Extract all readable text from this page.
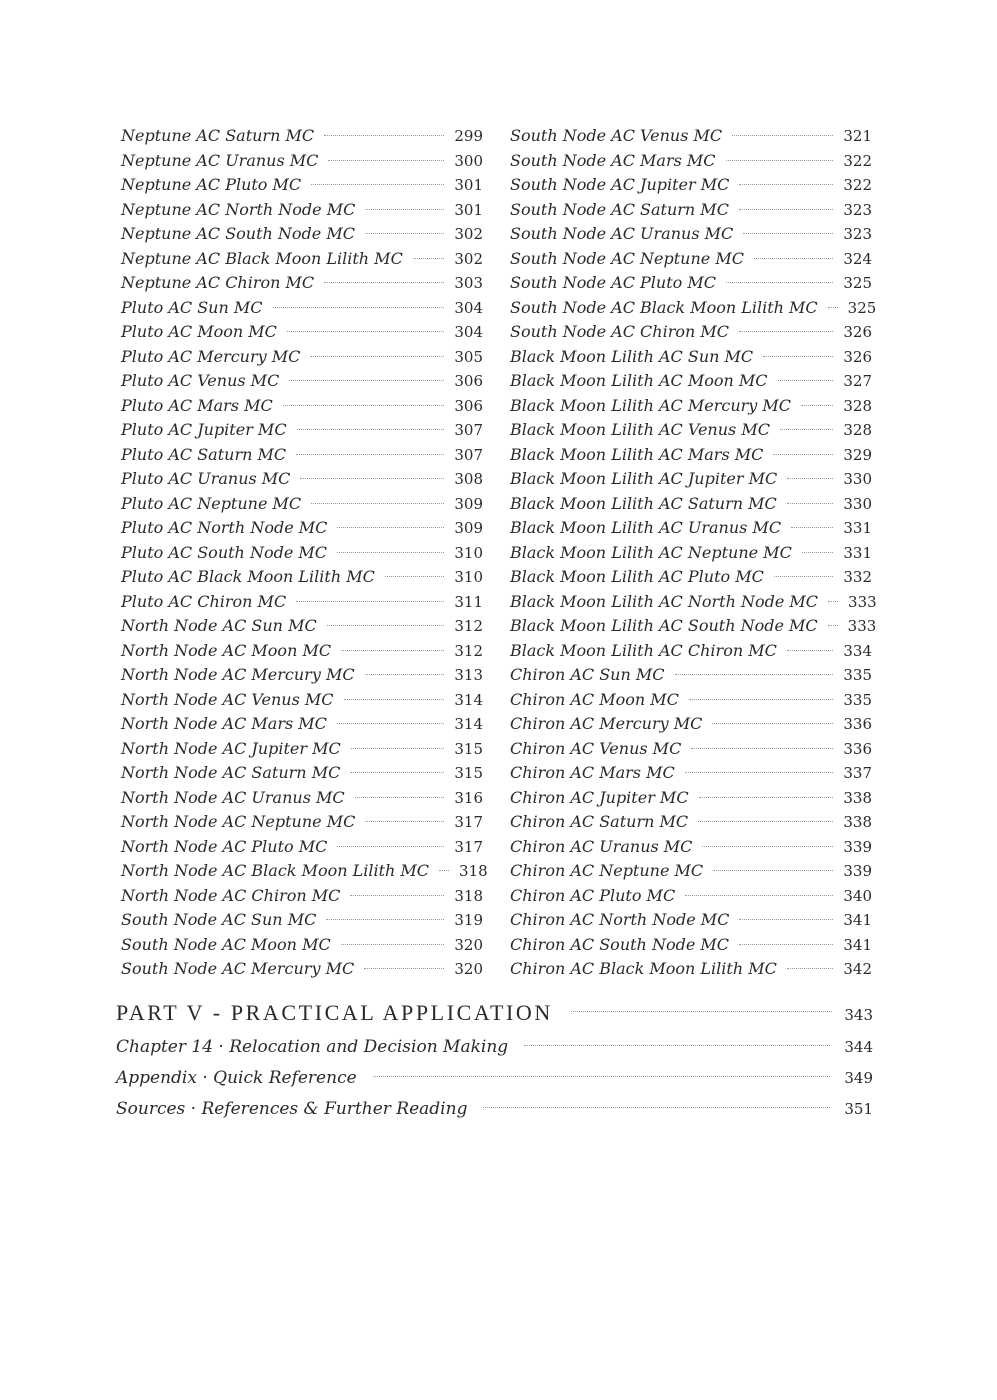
Neptune AC Saturn MC	299
Neptune AC Uranus MC	300
Neptune AC Pluto MC	301
Neptune AC North Node MC	301
Neptune AC South Node MC	302
Neptune AC Black Moon Lilith MC	302
Neptune AC Chiron MC	303
Pluto AC Sun MC	304
Pluto AC Moon MC	304
Pluto AC Mercury MC	305
Pluto AC Venus MC	306
Pluto AC Mars MC	306
Pluto AC Jupiter MC	307
Pluto AC Saturn MC	307
Pluto AC Uranus MC	308
Pluto AC Neptune MC	309
Pluto AC North Node MC	309
Pluto AC South Node MC	310
Pluto AC Black Moon Lilith MC	310
Pluto AC Chiron MC	311
North Node AC Sun MC	312
North Node AC Moon MC	312
North Node AC Mercury MC	313
North Node AC Venus MC	314
North Node AC Mars MC	314
North Node AC Jupiter MC	315
North Node AC Saturn MC	315
North Node AC Uranus MC	316
North Node AC Neptune MC	317
North Node AC Pluto MC	317
North Node AC Black Moon Lilith MC 318
North Node AC Chiron MC	318
South Node AC Sun MC	319
South Node AC Moon MC	320
South Node AC Mercury MC	320
South Node AC Venus MC	321
South Node AC Mars MC	322
South Node AC Jupiter MC	322
South Node AC Saturn MC	323
South Node AC Uranus MC	323
South Node AC Neptune MC	324
South Node AC Pluto MC	325
South Node AC Black Moon Lilith MC 325
South Node AC Chiron MC	326
Black Moon Lilith AC Sun MC	326
Black Moon Lilith AC Moon MC	327
Black Moon Lilith AC Mercury MC	328
Black Moon Lilith AC Venus MC	328
Black Moon Lilith AC Mars MC	329
Black Moon Lilith AC Jupiter MC	330
Black Moon Lilith AC Saturn MC	330
Black Moon Lilith AC Uranus MC	331
Black Moon Lilith AC Neptune MC	331
Black Moon Lilith AC Pluto MC	332
Black Moon Lilith AC North Node MC 333
Black Moon Lilith AC South Node MC 333
Black Moon Lilith AC Chiron MC	334
Chiron AC Sun MC	335
Chiron AC Moon MC	335
Chiron AC Mercury MC	336
Chiron AC Venus MC	336
Chiron AC Mars MC	337
Chiron AC Jupiter MC	338
Chiron AC Saturn MC	338
Chiron AC Uranus MC	339
Chiron AC Neptune MC	339
Chiron AC Pluto MC	340
Chiron AC North Node MC	341
Chiron AC South Node MC	341
Chiron AC Black Moon Lilith MC	342
PART V - PRACTICAL APPLICATION	343
Chapter 14 · Relocation and Decision Making	344
Appendix · Quick Reference	349
Sources · References & Further Reading	351
